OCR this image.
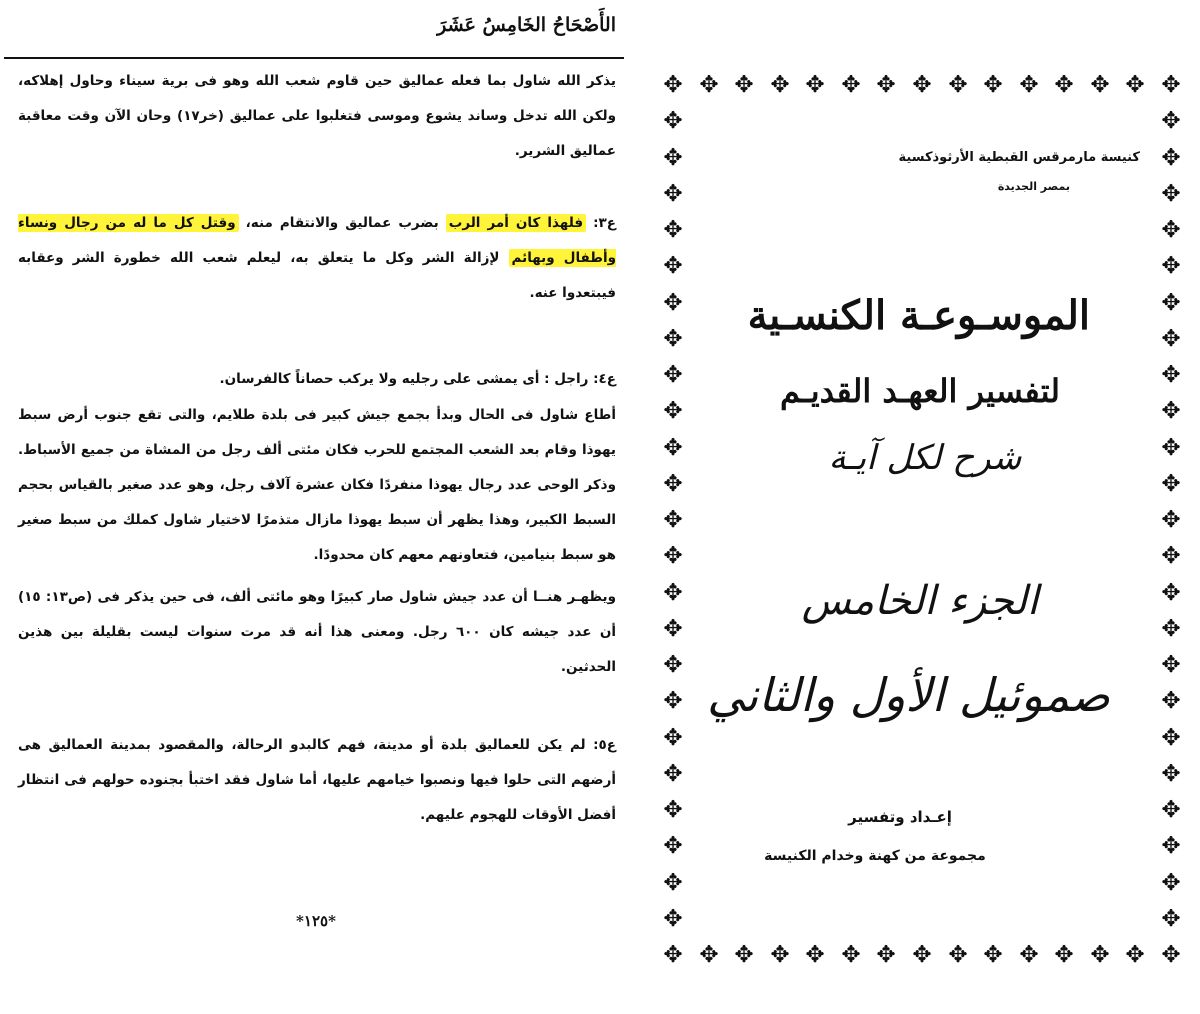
الأَصْحَاحُ الخَامِسُ عَشَرَ

يذكر الله شاول بما فعله عماليق حين قاوم شعب الله وهو فى برية سيناء وحاول إهلاكه، ولكن الله تدخل وساند يشوع وموسى فتغلبوا على عماليق (خر١٧) وحان الآن وقت معاقبة عماليق الشرير.

ع٣: فلهذا كان أمر الرب بضرب عماليق والانتقام منه، وقتل كل ما له من رجال ونساء وأطفال وبهائم لإزالة الشر وكل ما يتعلق به، ليعلم شعب الله خطورة الشر وعقابه فيبتعدوا عنه.

ع٤: راجل : أى يمشى على رجليه ولا يركب حصاناً كالفرسان.

أطاع شاول فى الحال وبدأ بجمع جيش كبير فى بلدة طلايم، والتى تقع جنوب أرض سبط يهوذا وقام بعد الشعب المجتمع للحرب فكان مئتى ألف رجل من المشاة من جميع الأسباط. وذكر الوحى عدد رجال يهوذا منفردًا فكان عشرة آلاف رجل، وهو عدد صغير بالقياس بحجم السبط الكبير، وهذا يظهر أن سبط يهوذا مازال متذمرًا لاختيار شاول كملك من سبط صغير هو سبط بنيامين، فتعاونهم معهم كان محدودًا.

ويظهـر هنــا أن عدد جيش شاول صار كبيرًا وهو مائتى ألف، فى حين يذكر فى (ص١٣: ١٥) أن عدد جيشه كان ٦٠٠ رجل. ومعنى هذا أنه قد مرت سنوات ليست بقليلة بين هذين الحدثين.

ع٥: لم يكن للعماليق بلدة أو مدينة، فهم كالبدو الرحالة، والمقصود بمدينة العماليق هى أرضهم التى حلوا فيها ونصبوا خيامهم عليها، أما شاول فقد اختبأ بجنوده حولهم فى انتظار أفضل الأوقات للهجوم عليهم.

*١٢٥*
✥
✥
✥
✥
✥
✥
✥
✥
✥
✥
✥
✥
✥
✥
✥
✥
✥
✥
✥
✥
✥
✥
✥
✥
✥
✥
✥
✥
✥
✥
✥	✥
✥	✥
✥	✥
✥	✥
✥	✥
✥	✥
✥	✥
✥	✥
✥	✥
✥	✥
✥	✥
✥	✥
✥	✥
✥	✥
✥	✥
✥	✥
✥	✥
✥	✥
✥	✥
✥	✥
✥	✥
✥	✥
✥	✥
كنيسة مارمرقس القبطية الأرثوذكسية
بمصر الجديدة
الموسـوعـة الكنسـية
لتفسير العهـد القديـم
شرح لكل آيـة
الجزء الخامس
صموئيل الأول والثاني
إعـداد وتفسير
مجموعة من كهنة وخدام الكنيسة
